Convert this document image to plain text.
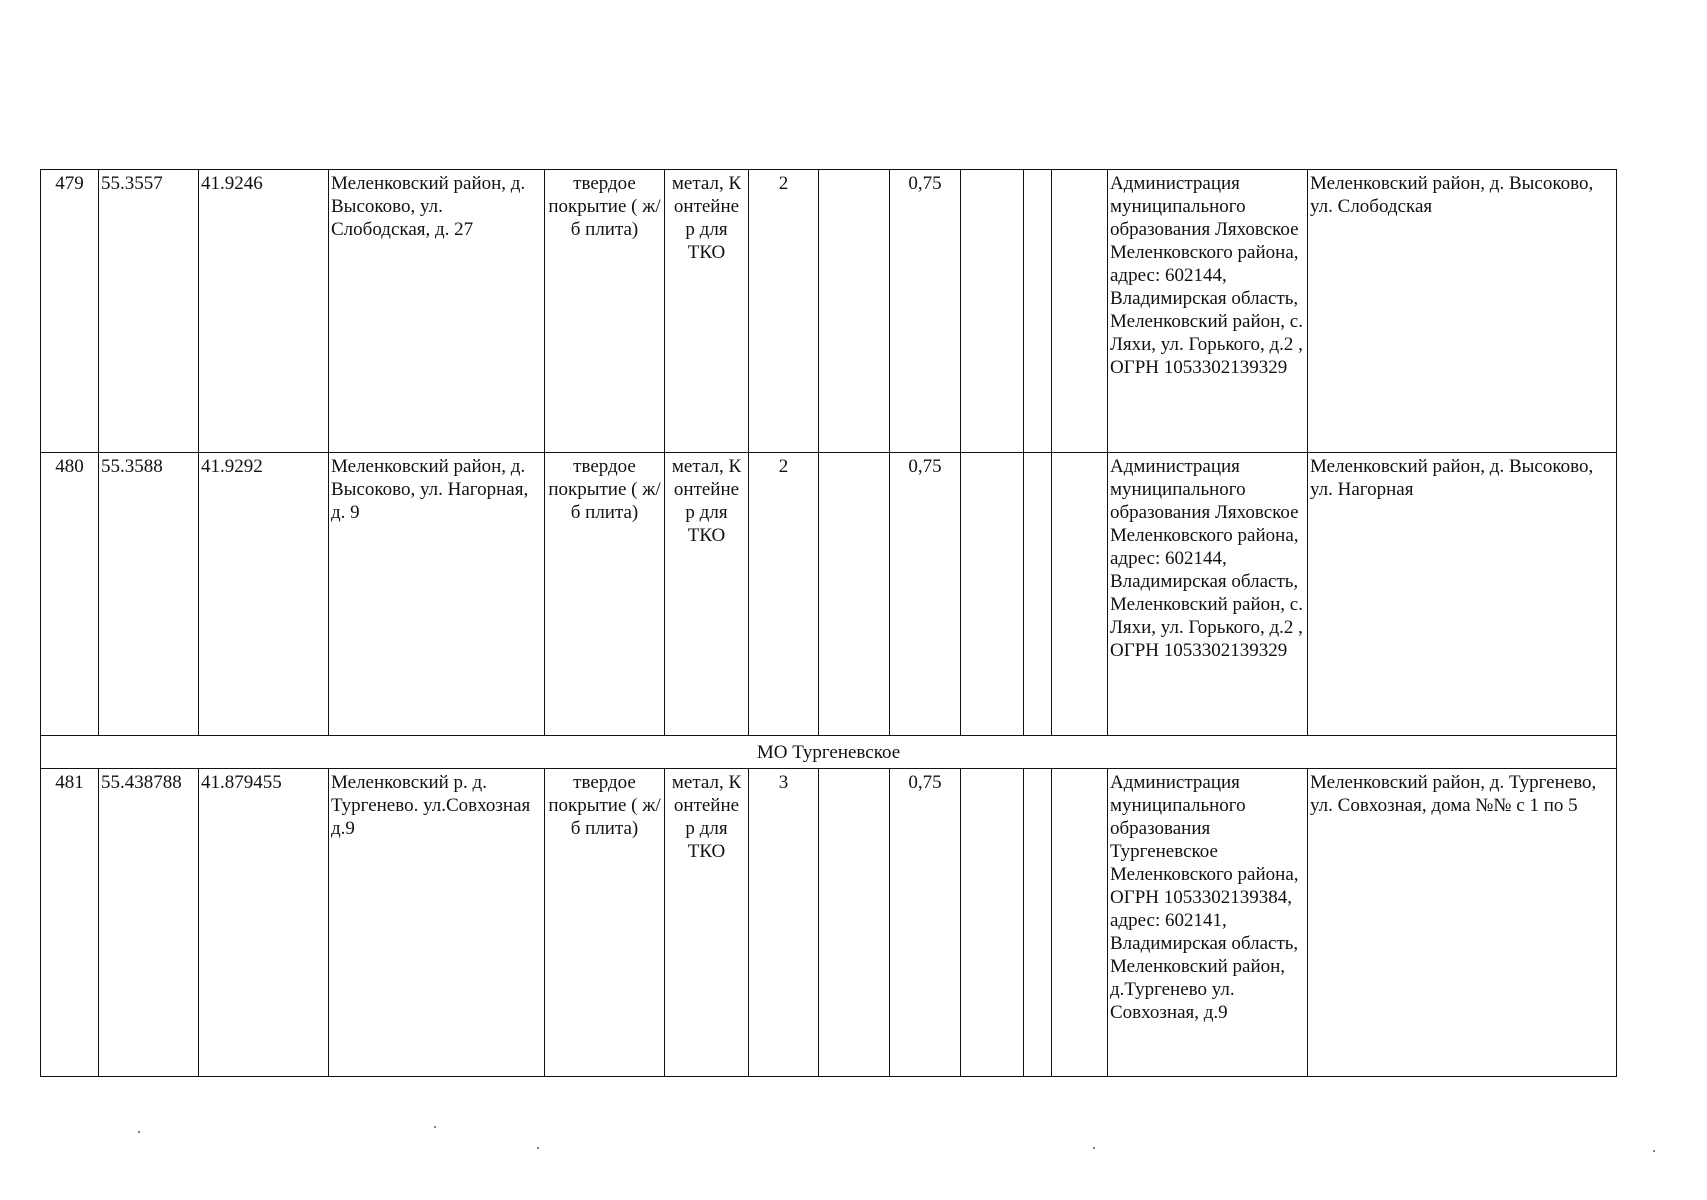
479	55.3557	41.9246	Меленковский район, д. Высоково, ул. Слободская, д. 27	твердое покрытие ( ж/б плита)	метал, К онтейне р для ТКО	2		0,75				Администрация муниципального образования Ляховское Меленковского района, адрес: 602144, Владимирская область, Меленковский район, с. Ляхи, ул. Горького, д.2 , ОГРН 1053302139329	Меленковский район, д. Высоково, ул. Слободская
480	55.3588	41.9292	Меленковский район, д. Высоково, ул. Нагорная, д. 9	твердое покрытие ( ж/б плита)	метал, К онтейне р для ТКО	2		0,75				Администрация муниципального образования Ляховское Меленковского района, адрес: 602144, Владимирская область, Меленковский район, с. Ляхи, ул. Горького, д.2 , ОГРН 1053302139329	Меленковский район, д. Высоково, ул. Нагорная
МО Тургеневское													
481	55.438788	41.879455	Меленковский р. д. Тургенево. ул.Совхозная д.9	твердое покрытие ( ж/б плита)	метал, К онтейне р для ТКО	3		0,75				Администрация муниципального образования Тургеневское Меленковского района, ОГРН 1053302139384, адрес: 602141, Владимирская область, Меленковский район, д.Тургенево ул. Совхозная, д.9	Меленковский район, д. Тургенево, ул. Совхозная, дома №№ с 1 по 5
